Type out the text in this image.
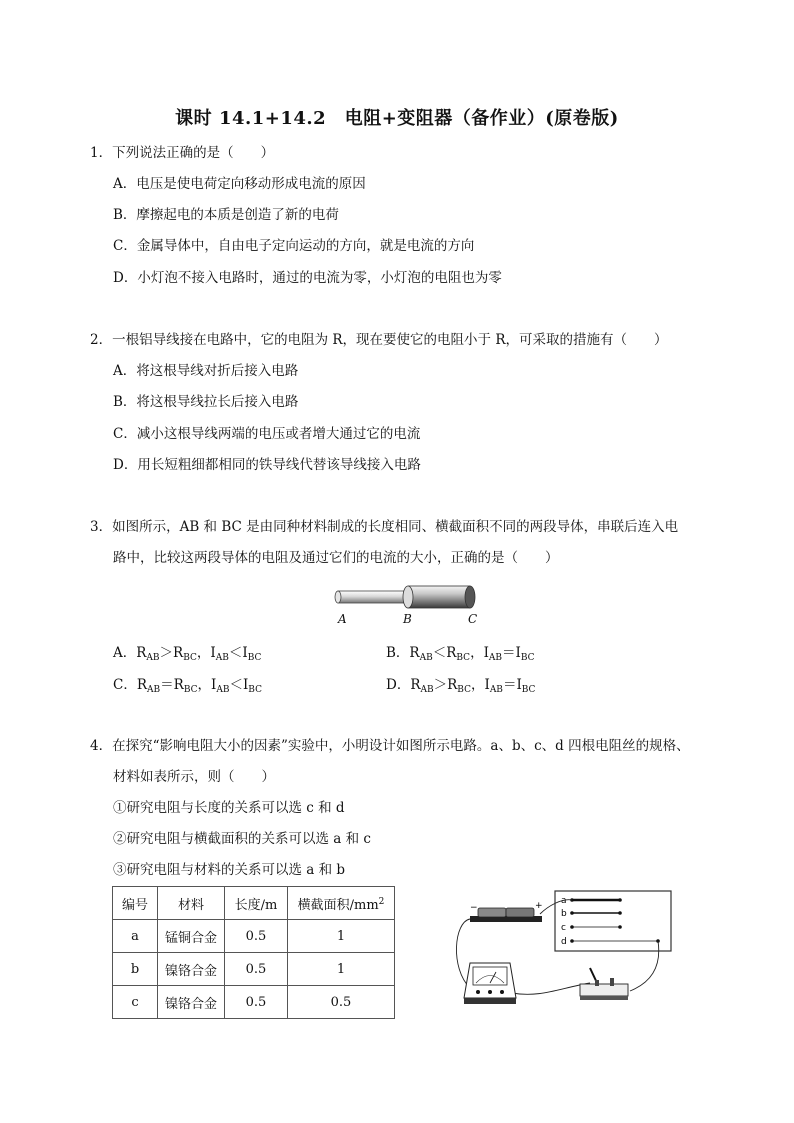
课时 14.1+14.2　电阻+变阻器（备作业）(原卷版)
1．下列说法正确的是（　　）
A．电压是使电荷定向移动形成电流的原因
B．摩擦起电的本质是创造了新的电荷
C．金属导体中，自由电子定向运动的方向，就是电流的方向
D．小灯泡不接入电路时，通过的电流为零，小灯泡的电阻也为零
2．一根铝导线接在电路中，它的电阻为 R，现在要使它的电阻小于 R，可采取的措施有（　　）
A．将这根导线对折后接入电路
B．将这根导线拉长后接入电路
C．减小这根导线两端的电压或者增大通过它的电流
D．用长短粗细都相同的铁导线代替该导线接入电路
3．如图所示，AB 和 BC 是由同种材料制成的长度相同、横截面积不同的两段导体，串联后连入电
路中，比较这两段导体的电阻及通过它们的电流的大小，正确的是（　　）
A	B	C
A．$R_{AB}>R_{BC}$，$I_{AB}<I_{BC}$	B．$R_{AB}<R_{BC}$，$I_{AB}=I_{BC}$
C．$R_{AB}=R_{BC}$，$I_{AB}<I_{BC}$	D．$R_{AB}>R_{BC}$，$I_{AB}=I_{BC}$
4．在探究“影响电阻大小的因素”实验中，小明设计如图所示电路。a、b、c、d 四根电阻丝的规格、
材料如表所示，则（　　）
①研究电阻与长度的关系可以选 c 和 d
②研究电阻与横截面积的关系可以选 a 和 c
③研究电阻与材料的关系可以选 a 和 b
编号	材料	长度/m	横截面积$/mm^2$
a	锰铜合金	0.5	1
b	镍铬合金	0.5	1
c	镍铬合金	0.5	0.5
a
b
c
d
−	+
